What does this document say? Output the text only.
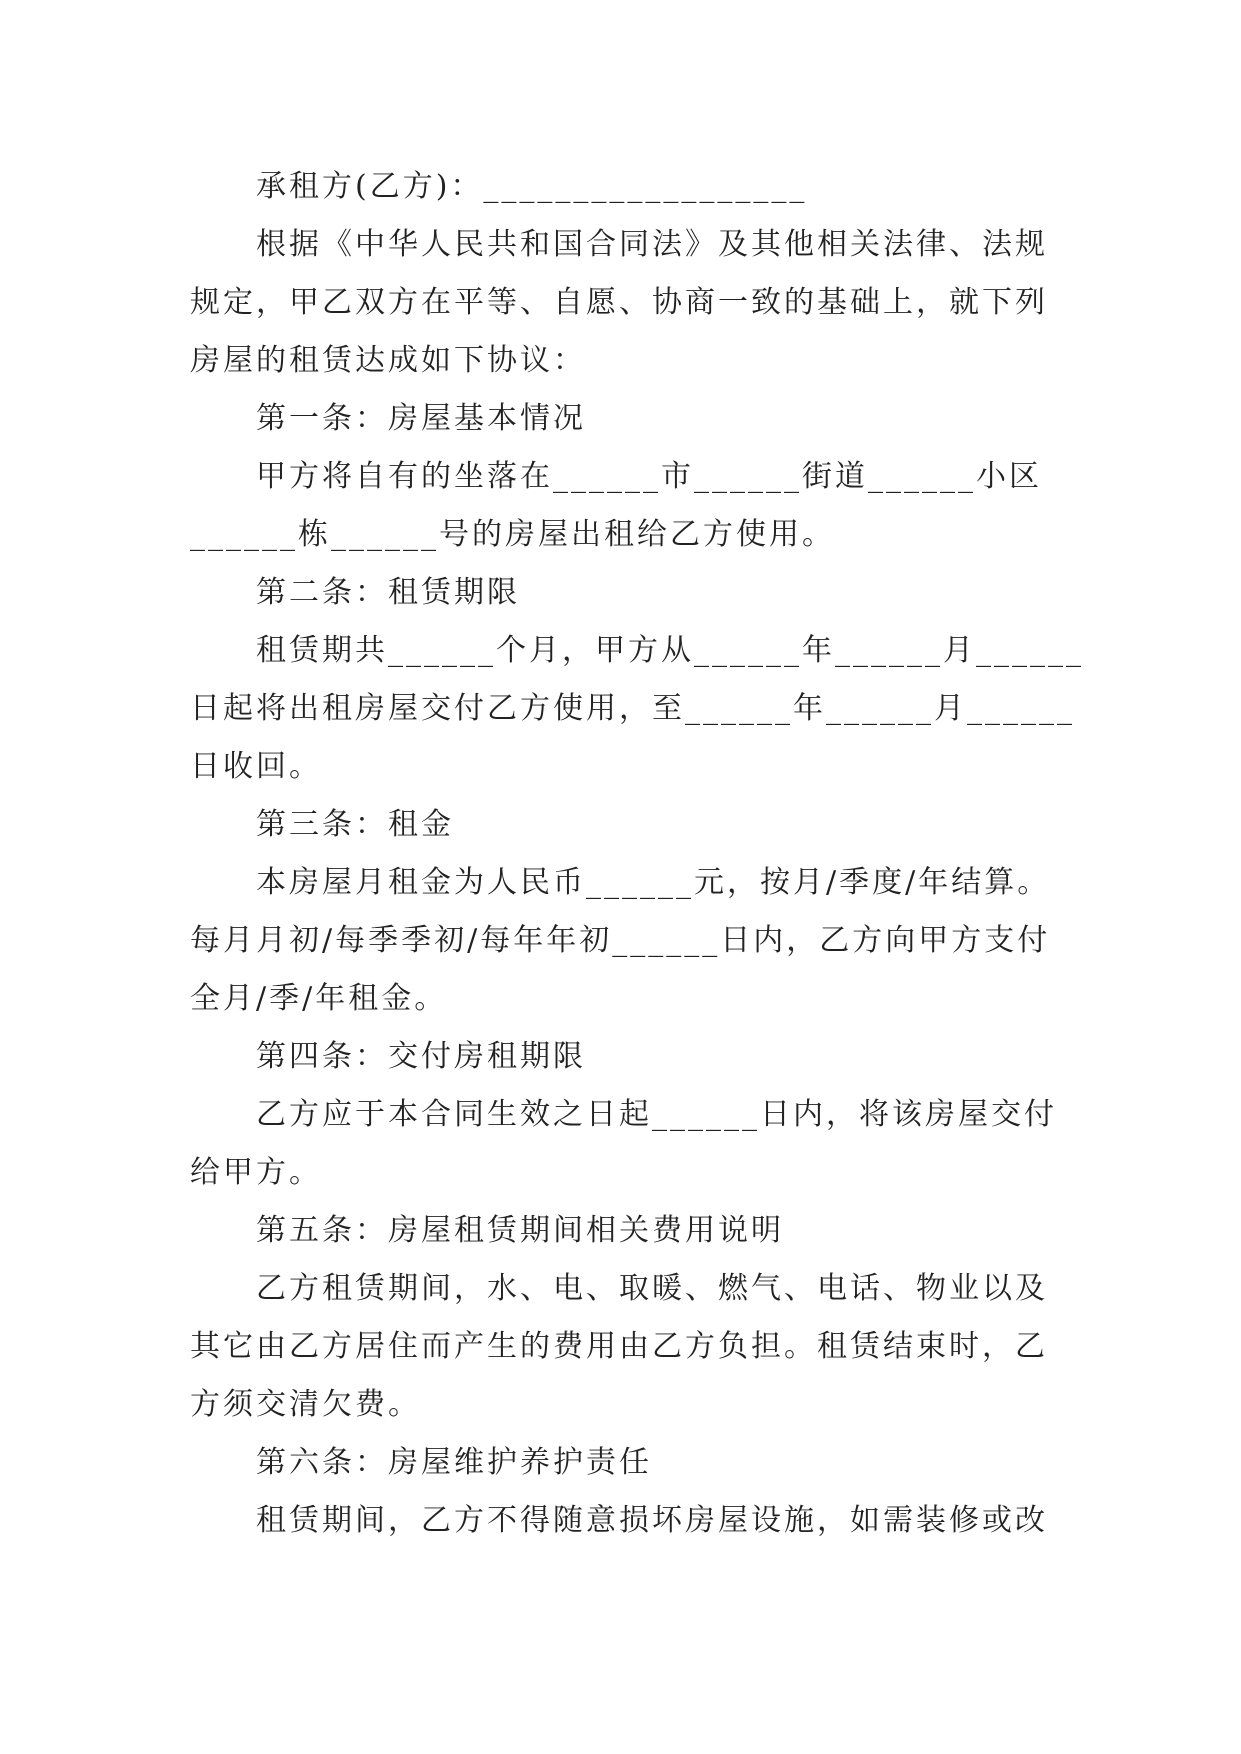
承租方(乙方)：__________________
根据《中华人民共和国合同法》及其他相关法律、法规
规定，甲乙双方在平等、自愿、协商一致的基础上，就下列
房屋的租赁达成如下协议：
第一条：房屋基本情况
甲方将自有的坐落在______市______街道______小区
______栋______号的房屋出租给乙方使用。
第二条：租赁期限
租赁期共______个月，甲方从______年______月______
日起将出租房屋交付乙方使用，至______年______月______
日收回。
第三条：租金
本房屋月租金为人民币______元，按月/季度/年结算。
每月月初/每季季初/每年年初______日内，乙方向甲方支付
全月/季/年租金。
第四条：交付房租期限
乙方应于本合同生效之日起______日内，将该房屋交付
给甲方。
第五条：房屋租赁期间相关费用说明
乙方租赁期间，水、电、取暖、燃气、电话、物业以及
其它由乙方居住而产生的费用由乙方负担。租赁结束时，乙
方须交清欠费。
第六条：房屋维护养护责任
租赁期间，乙方不得随意损坏房屋设施，如需装修或改
